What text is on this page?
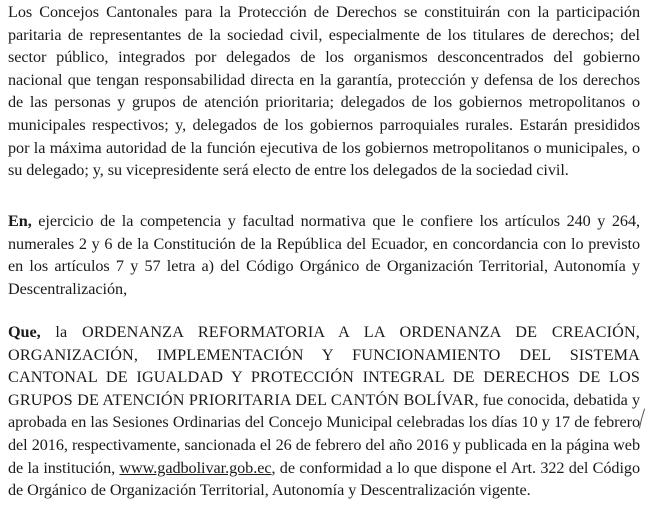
Los Concejos Cantonales para la Protección de Derechos se constituirán con la participación paritaria de representantes de la sociedad civil, especialmente de los titulares de derechos; del sector público, integrados por delegados de los organismos desconcentrados del gobierno nacional que tengan responsabilidad directa en la garantía, protección y defensa de los derechos de las personas y grupos de atención prioritaria; delegados de los gobiernos metropolitanos o municipales respectivos; y, delegados de los gobiernos parroquiales rurales. Estarán presididos por la máxima autoridad de la función ejecutiva de los gobiernos metropolitanos o municipales, o su delegado; y, su vicepresidente será electo de entre los delegados de la sociedad civil.

En, ejercicio de la competencia y facultad normativa que le confiere los artículos 240 y 264, numerales 2 y 6 de la Constitución de la República del Ecuador, en concordancia con lo previsto en los artículos 7 y 57 letra a) del Código Orgánico de Organización Territorial, Autonomía y Descentralización,

Que, la ORDENANZA REFORMATORIA A LA ORDENANZA DE CREACIÓN, ORGANIZACIÓN, IMPLEMENTACIÓN Y FUNCIONAMIENTO DEL SISTEMA CANTONAL DE IGUALDAD Y PROTECCIÓN INTEGRAL DE DERECHOS DE LOS GRUPOS DE ATENCIÓN PRIORITARIA DEL CANTÓN BOLÍVAR, fue conocida, debatida y aprobada en las Sesiones Ordinarias del Concejo Municipal celebradas los días 10 y 17 de febrero del 2016, respectivamente, sancionada el 26 de febrero del año 2016 y publicada en la página web de la institución, www.gadbolivar.gob.ec, de conformidad a lo que dispone el Art. 322 del Código de Orgánico de Organización Territorial, Autonomía y Descentralización vigente.
